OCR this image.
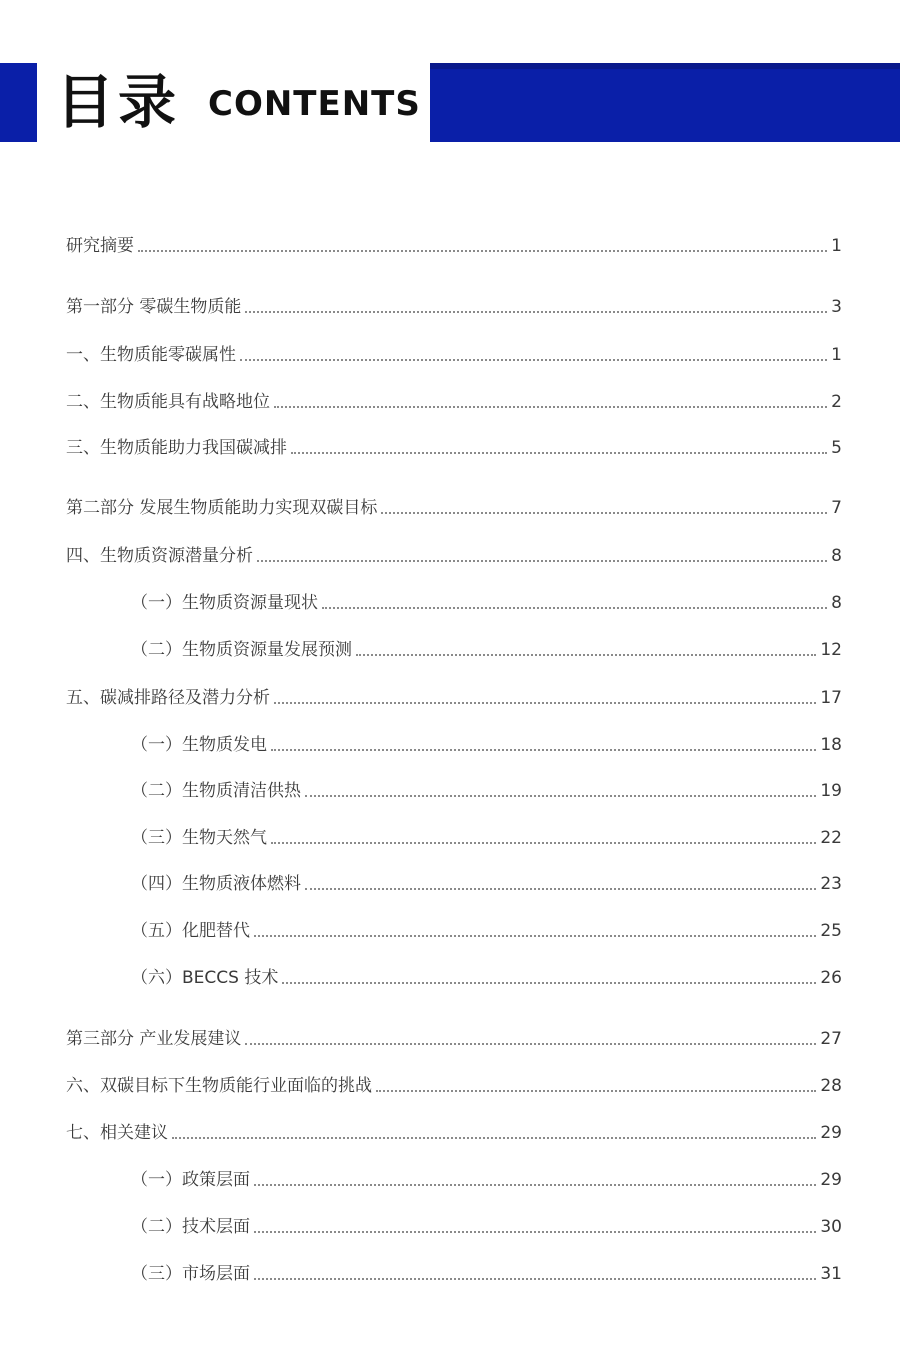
目录 CONTENTS
研究摘要	1
第一部分 零碳生物质能	3
一、生物质能零碳属性	1
二、生物质能具有战略地位	2
三、生物质能助力我国碳减排	5
第二部分 发展生物质能助力实现双碳目标	7
四、生物质资源潜量分析	8
（一）生物质资源量现状	8
（二）生物质资源量发展预测	12
五、碳减排路径及潜力分析	17
（一）生物质发电	18
（二）生物质清洁供热	19
（三）生物天然气	22
（四）生物质液体燃料	23
（五）化肥替代	25
（六）BECCS 技术	26
第三部分 产业发展建议	27
六、双碳目标下生物质能行业面临的挑战	28
七、相关建议	29
（一）政策层面	29
（二）技术层面	30
（三）市场层面	31
